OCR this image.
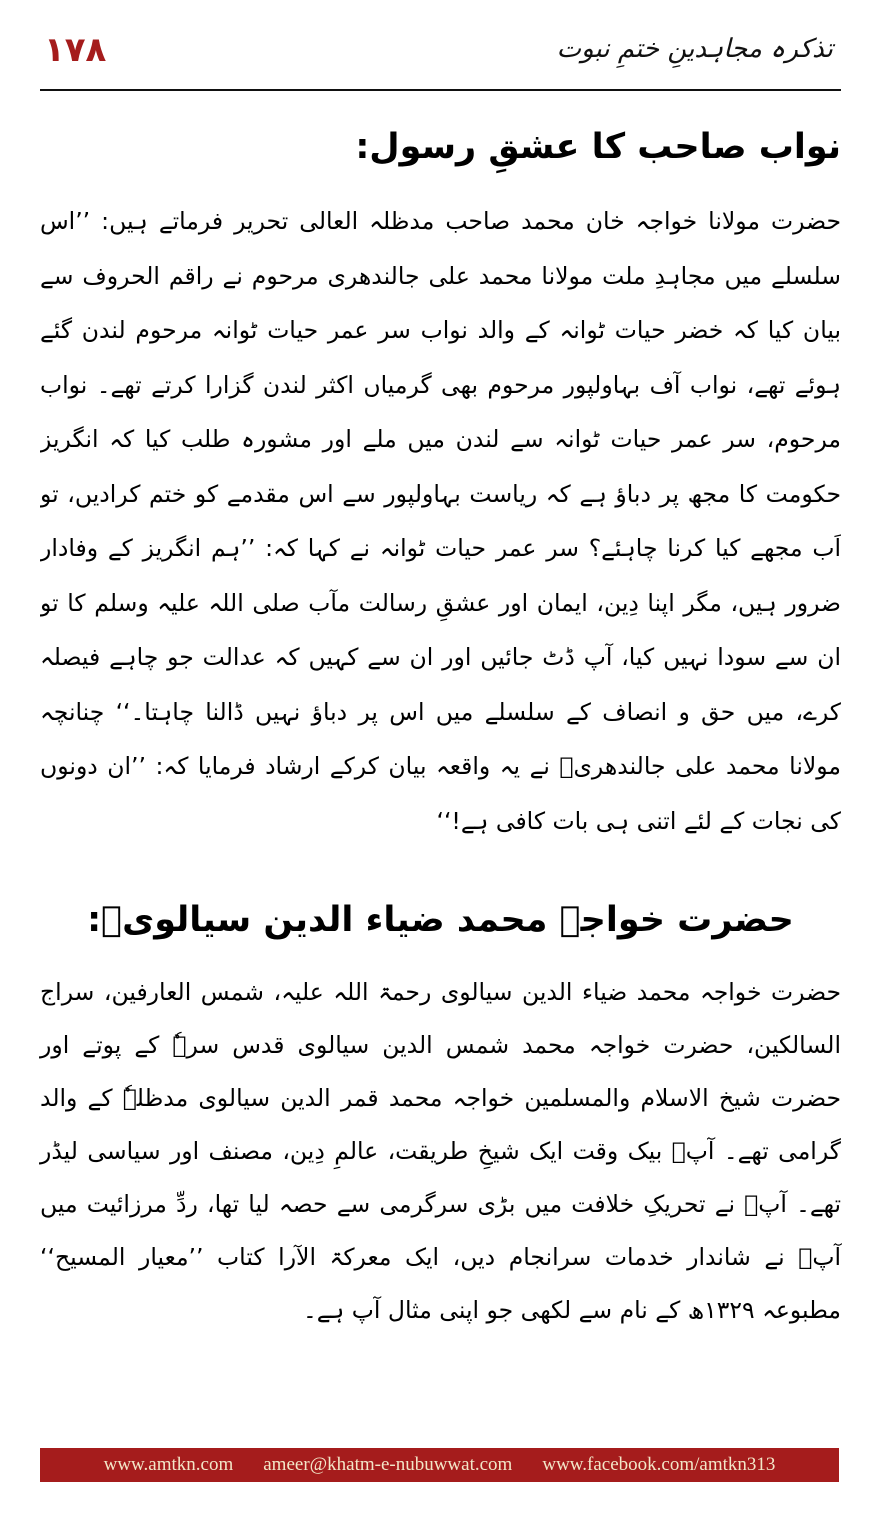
١٧٨	تذکرہ مجاہدینِ ختمِ نبوت
نواب صاحب کا عشقِ رسول:

حضرت مولانا خواجہ خان محمد صاحب مدظلہ العالی تحریر فرماتے ہیں: ’’اس سلسلے میں مجاہدِ ملت مولانا محمد علی جالندھری مرحوم نے راقم الحروف سے بیان کیا کہ خضر حیات ٹوانہ کے والد نواب سر عمر حیات ٹوانہ مرحوم لندن گئے ہوئے تھے، نواب آف بہاولپور مرحوم بھی گرمیاں اکثر لندن گزارا کرتے تھے۔ نواب مرحوم، سر عمر حیات ٹوانہ سے لندن میں ملے اور مشورہ طلب کیا کہ انگریز حکومت کا مجھ پر دباؤ ہے کہ ریاست بہاولپور سے اس مقدمے کو ختم کرادیں، تو اَب مجھے کیا کرنا چاہئے؟ سر عمر حیات ٹوانہ نے کہا کہ: ’’ہم انگریز کے وفادار ضرور ہیں، مگر اپنا دِین، ایمان اور عشقِ رسالت مآب صلی اللہ علیہ وسلم کا تو ان سے سودا نہیں کیا، آپ ڈٹ جائیں اور ان سے کہیں کہ عدالت جو چاہے فیصلہ کرے، میں حق و انصاف کے سلسلے میں اس پر دباؤ نہیں ڈالنا چاہتا۔‘‘ چنانچہ مولانا محمد علی جالندھریؒ نے یہ واقعہ بیان کرکے ارشاد فرمایا کہ: ’’ان دونوں کی نجات کے لئے اتنی ہی بات کافی ہے!‘‘

حضرت خواجہ محمد ضیاء الدین سیالویؒ:

حضرت خواجہ محمد ضیاء الدین سیالوی رحمۃ اللہ علیہ، شمس العارفین، سراج السالکین، حضرت خواجہ محمد شمس الدین سیالوی قدس سرہٗ کے پوتے اور حضرت شیخ الاسلام والمسلمین خواجہ محمد قمر الدین سیالوی مدظلہٗ کے والد گرامی تھے۔ آپؒ بیک وقت ایک شیخِ طریقت، عالمِ دِین، مصنف اور سیاسی لیڈر تھے۔ آپؒ نے تحریکِ خلافت میں بڑی سرگرمی سے حصہ لیا تھا، ردِّ مرزائیت میں آپؒ نے شاندار خدمات سرانجام دیں، ایک معرکۃ الآرا کتاب ’’معیار المسیح‘‘ مطبوعہ ۱۳۲۹ھ کے نام سے لکھی جو اپنی مثال آپ ہے۔

www.amtkn.com ameer@khatm-e-nubuwwat.com www.facebook.com/amtkn313
